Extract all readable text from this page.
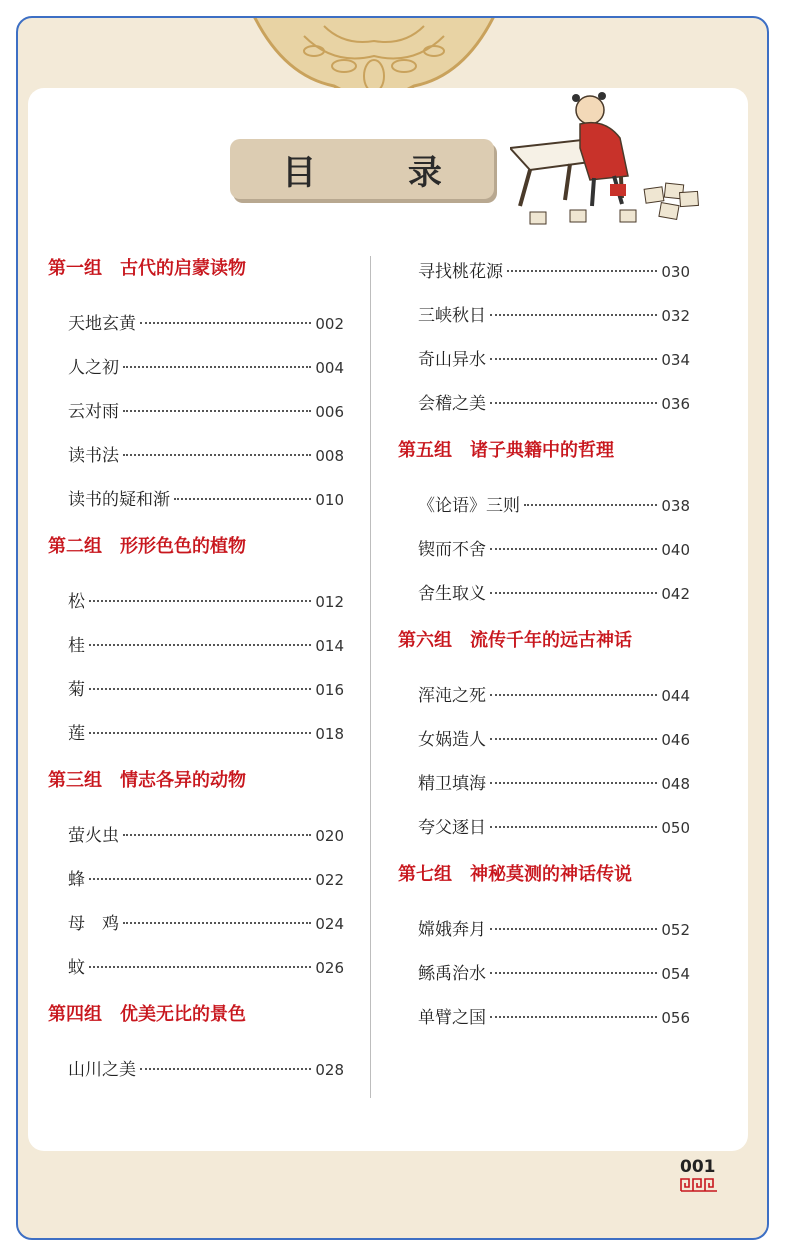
目 录
第一组 古代的启蒙读物
天地玄黄	002
人之初	004
云对雨	006
读书法	008
读书的疑和渐	010
第二组 形形色色的植物
松	012
桂	014
菊	016
莲	018
第三组 情志各异的动物
萤火虫	020
蜂	022
母　鸡	024
蚊	026
第四组 优美无比的景色
山川之美	028
寻找桃花源	030
三峡秋日	032
奇山异水	034
会稽之美	036
第五组 诸子典籍中的哲理
《论语》三则	038
锲而不舍	040
舍生取义	042
第六组 流传千年的远古神话
浑沌之死	044
女娲造人	046
精卫填海	048
夸父逐日	050
第七组 神秘莫测的神话传说
嫦娥奔月	052
鲧禹治水	054
单臂之国	056
001
